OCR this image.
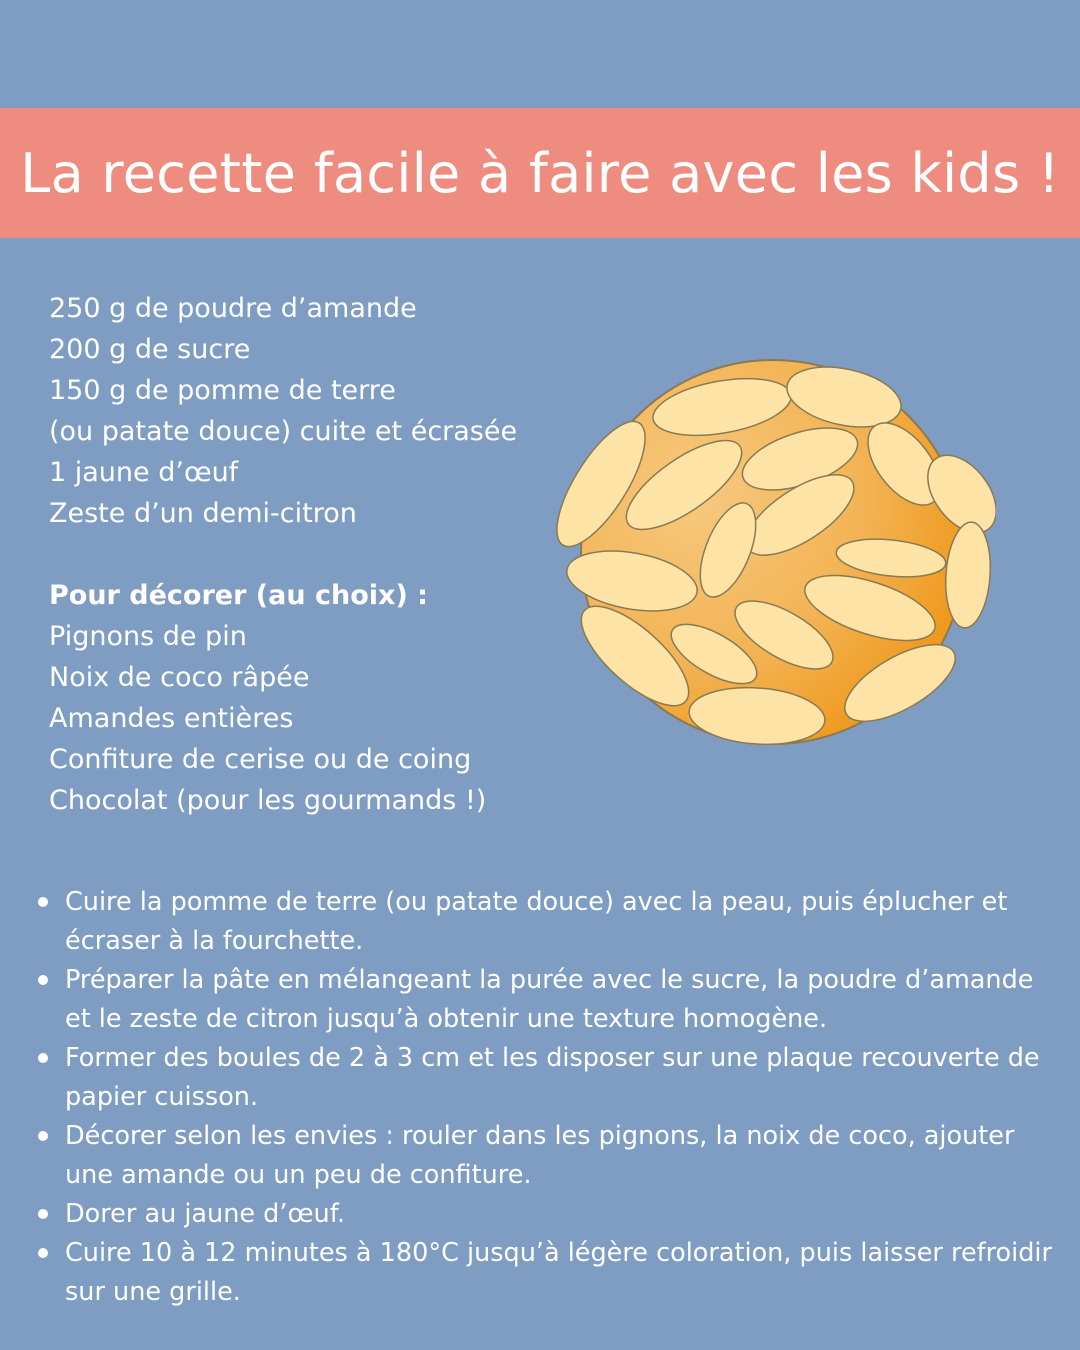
La recette facile à faire avec les kids !
250 g de poudre d’amande
200 g de sucre
150 g de pomme de terre
(ou patate douce) cuite et écrasée
1 jaune d’œuf
Zeste d’un demi-citron
Pour décorer (au choix) :
Pignons de pin
Noix de coco râpée
Amandes entières
Confiture de cerise ou de coing
Chocolat (pour les gourmands !)
Cuire la pomme de terre (ou patate douce) avec la peau, puis éplucher et écraser à la fourchette.
Préparer la pâte en mélangeant la purée avec le sucre, la poudre d’amande et le zeste de citron jusqu’à obtenir une texture homogène.
Former des boules de 2 à 3 cm et les disposer sur une plaque recouverte de papier cuisson.
Décorer selon les envies : rouler dans les pignons, la noix de coco, ajouter une amande ou un peu de confiture.
Dorer au jaune d’œuf.
Cuire 10 à 12 minutes à 180°C jusqu’à légère coloration, puis laisser refroidir sur une grille.
